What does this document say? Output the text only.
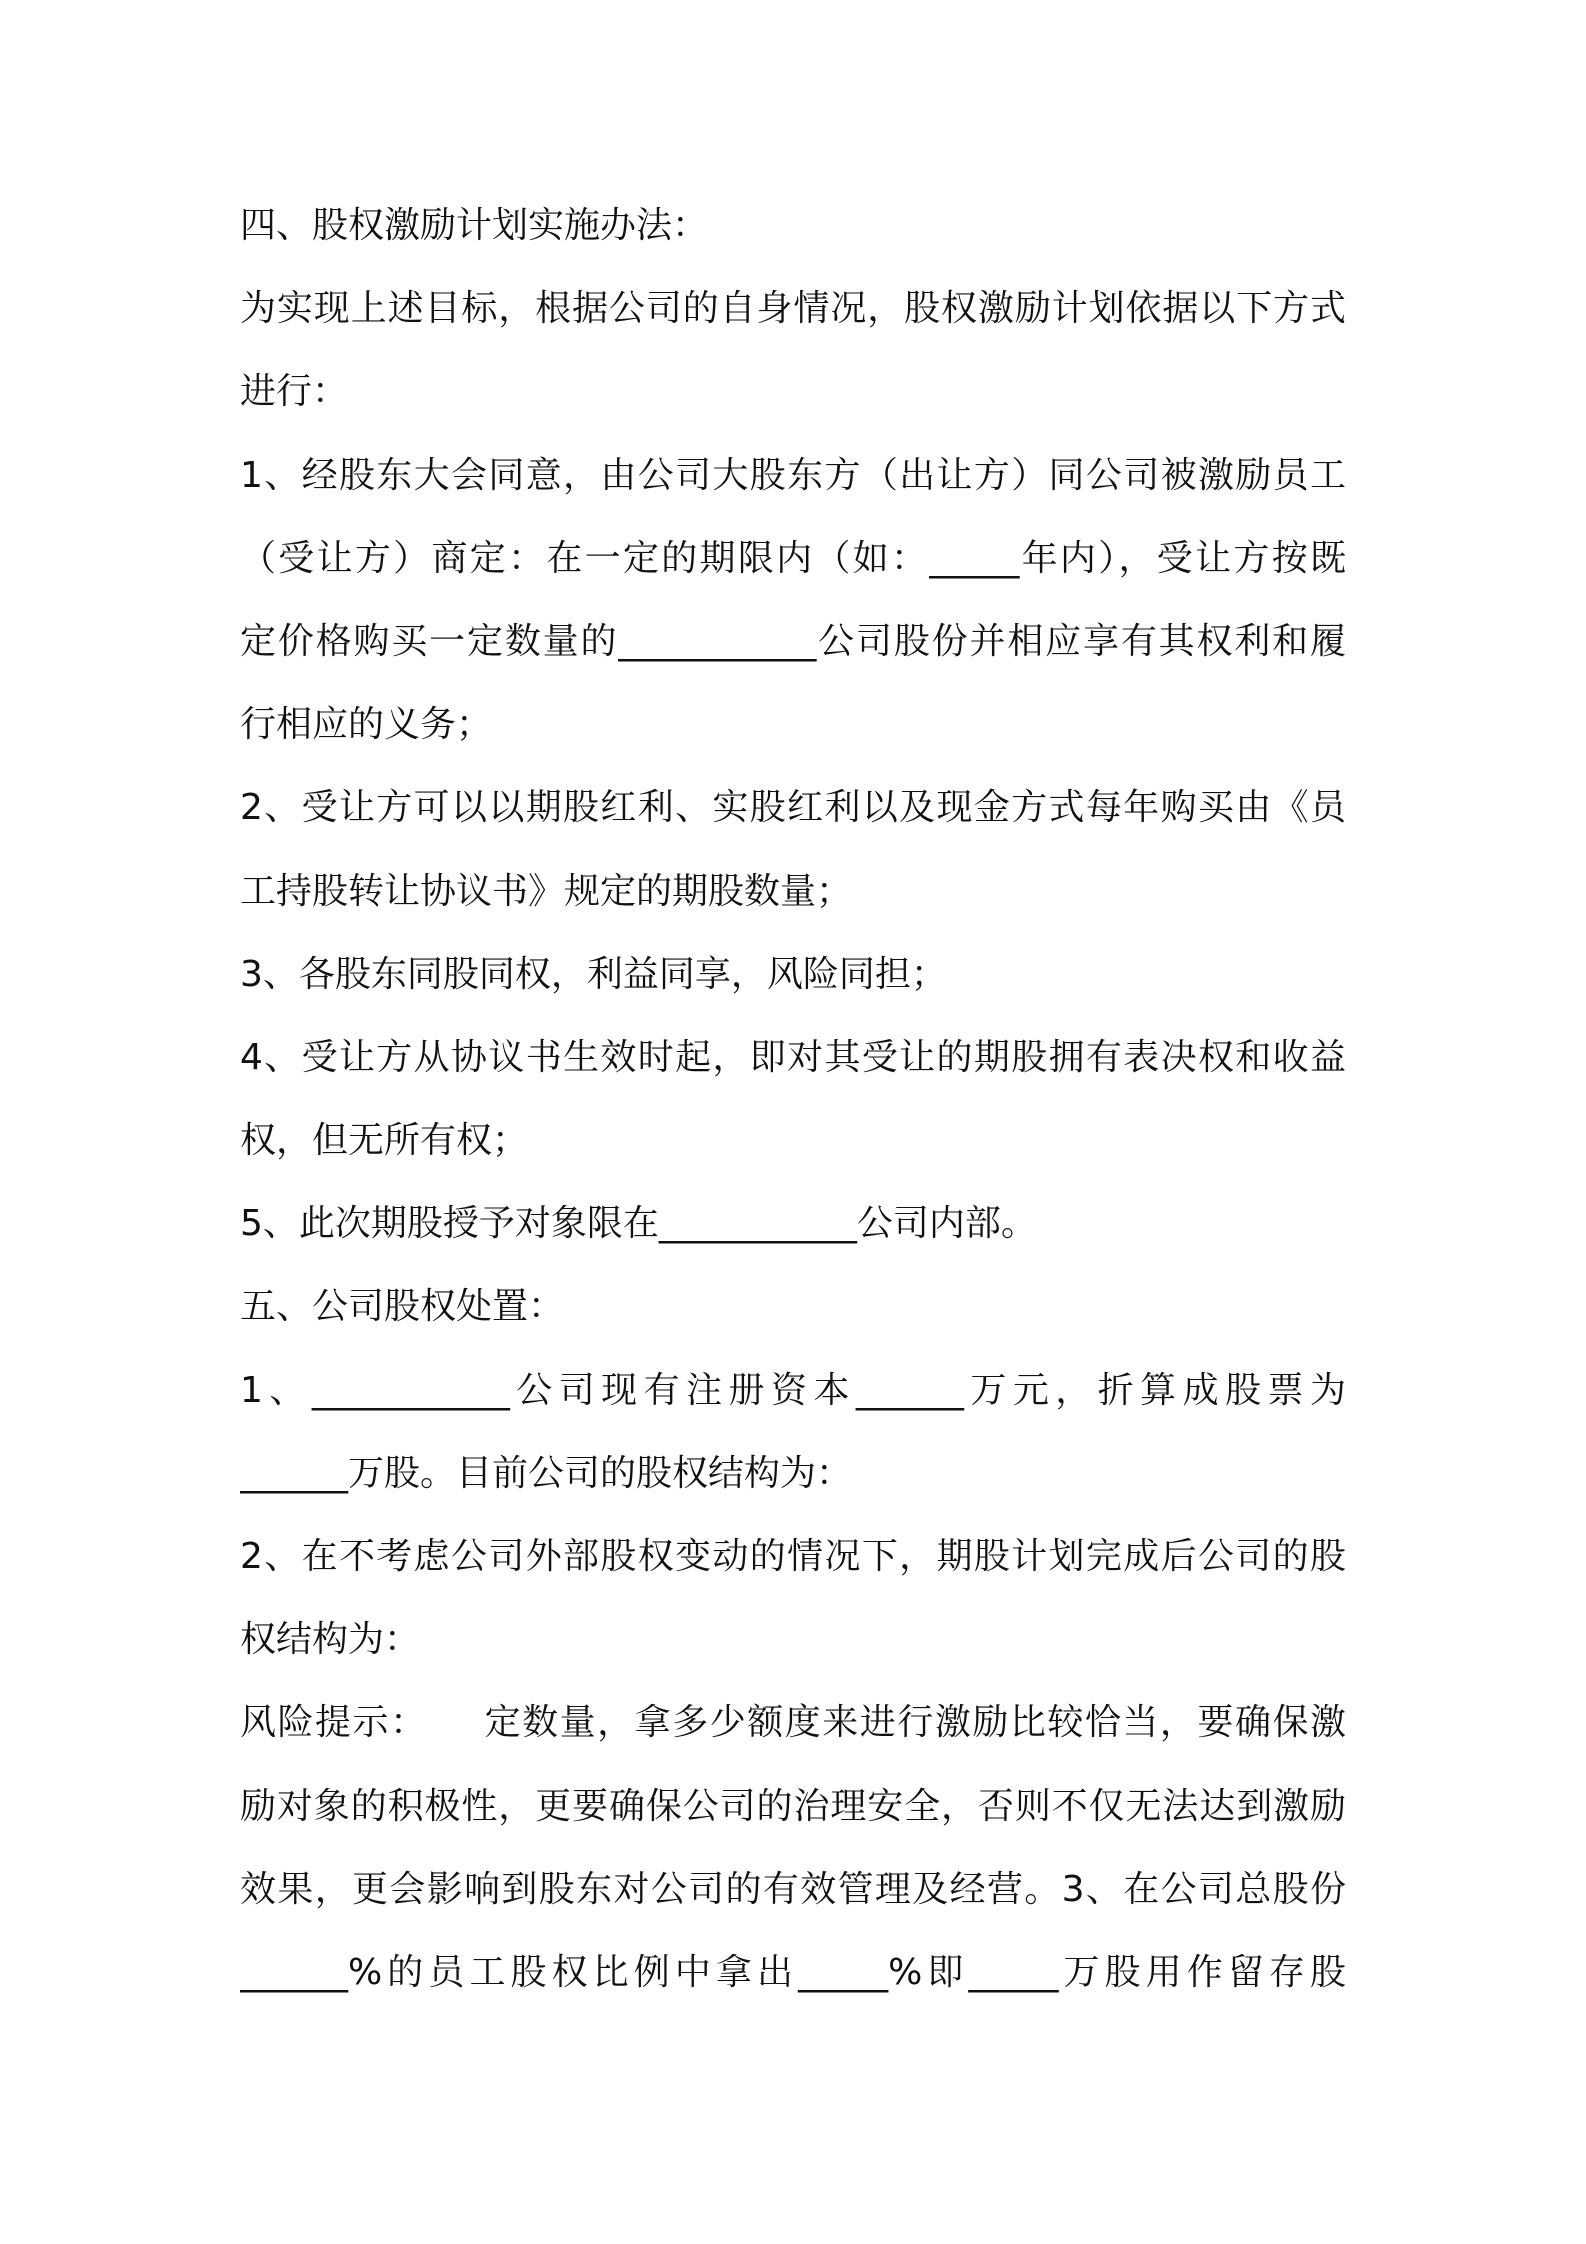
四、股权激励计划实施办法：
为实现上述目标，根据公司的自身情况，股权激励计划依据以下方式
进行：
1、经股东大会同意，由公司大股东方（出让方）同公司被激励员工
（受让方）商定：在一定的期限内（如：_____年内），受让方按既
定价格购买一定数量的___________公司股份并相应享有其权利和履
行相应的义务；
2、受让方可以以期股红利、实股红利以及现金方式每年购买由《员
工持股转让协议书》规定的期股数量；
3、各股东同股同权，利益同享，风险同担；
4、受让方从协议书生效时起，即对其受让的期股拥有表决权和收益
权，但无所有权；
5、此次期股授予对象限在___________公司内部。
五、公司股权处置：
1、___________公司现有注册资本______万元，折算成股票为
______万股。目前公司的股权结构为：
2、在不考虑公司外部股权变动的情况下，期股计划完成后公司的股
权结构为：
风险提示：　　定数量，拿多少额度来进行激励比较恰当，要确保激
励对象的积极性，更要确保公司的治理安全，否则不仅无法达到激励
效果，更会影响到股东对公司的有效管理及经营。3、在公司总股份
______%的员工股权比例中拿出_____%即_____万股用作留存股
